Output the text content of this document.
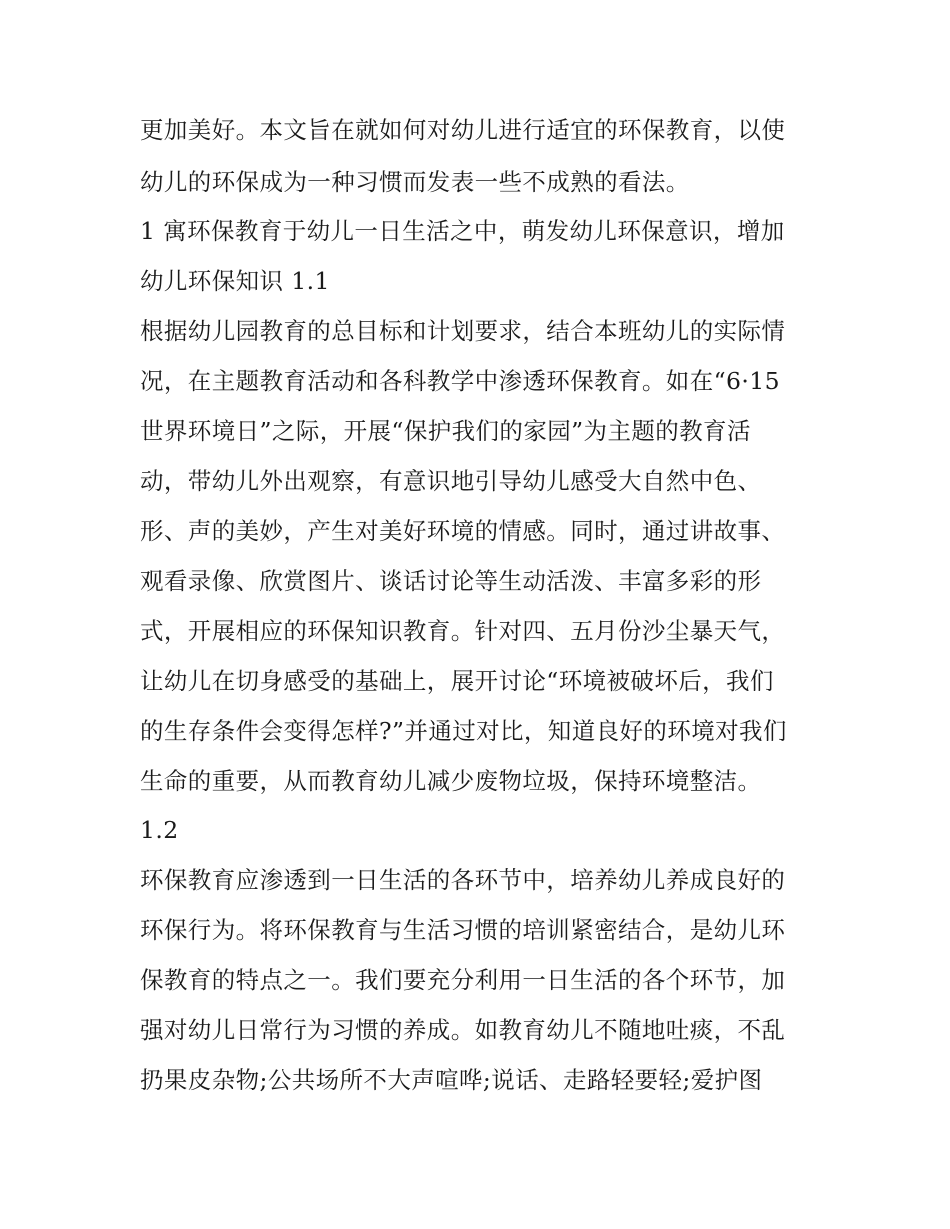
更加美好。本文旨在就如何对幼儿进行适宜的环保教育，以使
幼儿的环保成为一种习惯而发表一些不成熟的看法。
1 寓环保教育于幼儿一日生活之中，萌发幼儿环保意识，增加
幼儿环保知识 1.1
根据幼儿园教育的总目标和计划要求，结合本班幼儿的实际情
况，在主题教育活动和各科教学中渗透环保教育。如在“6·15
世界环境日”之际，开展“保护我们的家园”为主题的教育活
动，带幼儿外出观察，有意识地引导幼儿感受大自然中色、
形、声的美妙，产生对美好环境的情感。同时，通过讲故事、
观看录像、欣赏图片、谈话讨论等生动活泼、丰富多彩的形
式，开展相应的环保知识教育。针对四、五月份沙尘暴天气，
让幼儿在切身感受的基础上，展开讨论“环境被破坏后，我们
的生存条件会变得怎样?”并通过对比，知道良好的环境对我们
生命的重要，从而教育幼儿减少废物垃圾，保持环境整洁。
1.2
环保教育应渗透到一日生活的各环节中，培养幼儿养成良好的
环保行为。将环保教育与生活习惯的培训紧密结合，是幼儿环
保教育的特点之一。我们要充分利用一日生活的各个环节，加
强对幼儿日常行为习惯的养成。如教育幼儿不随地吐痰，不乱
扔果皮杂物;公共场所不大声喧哗;说话、走路轻要轻;爱护图
